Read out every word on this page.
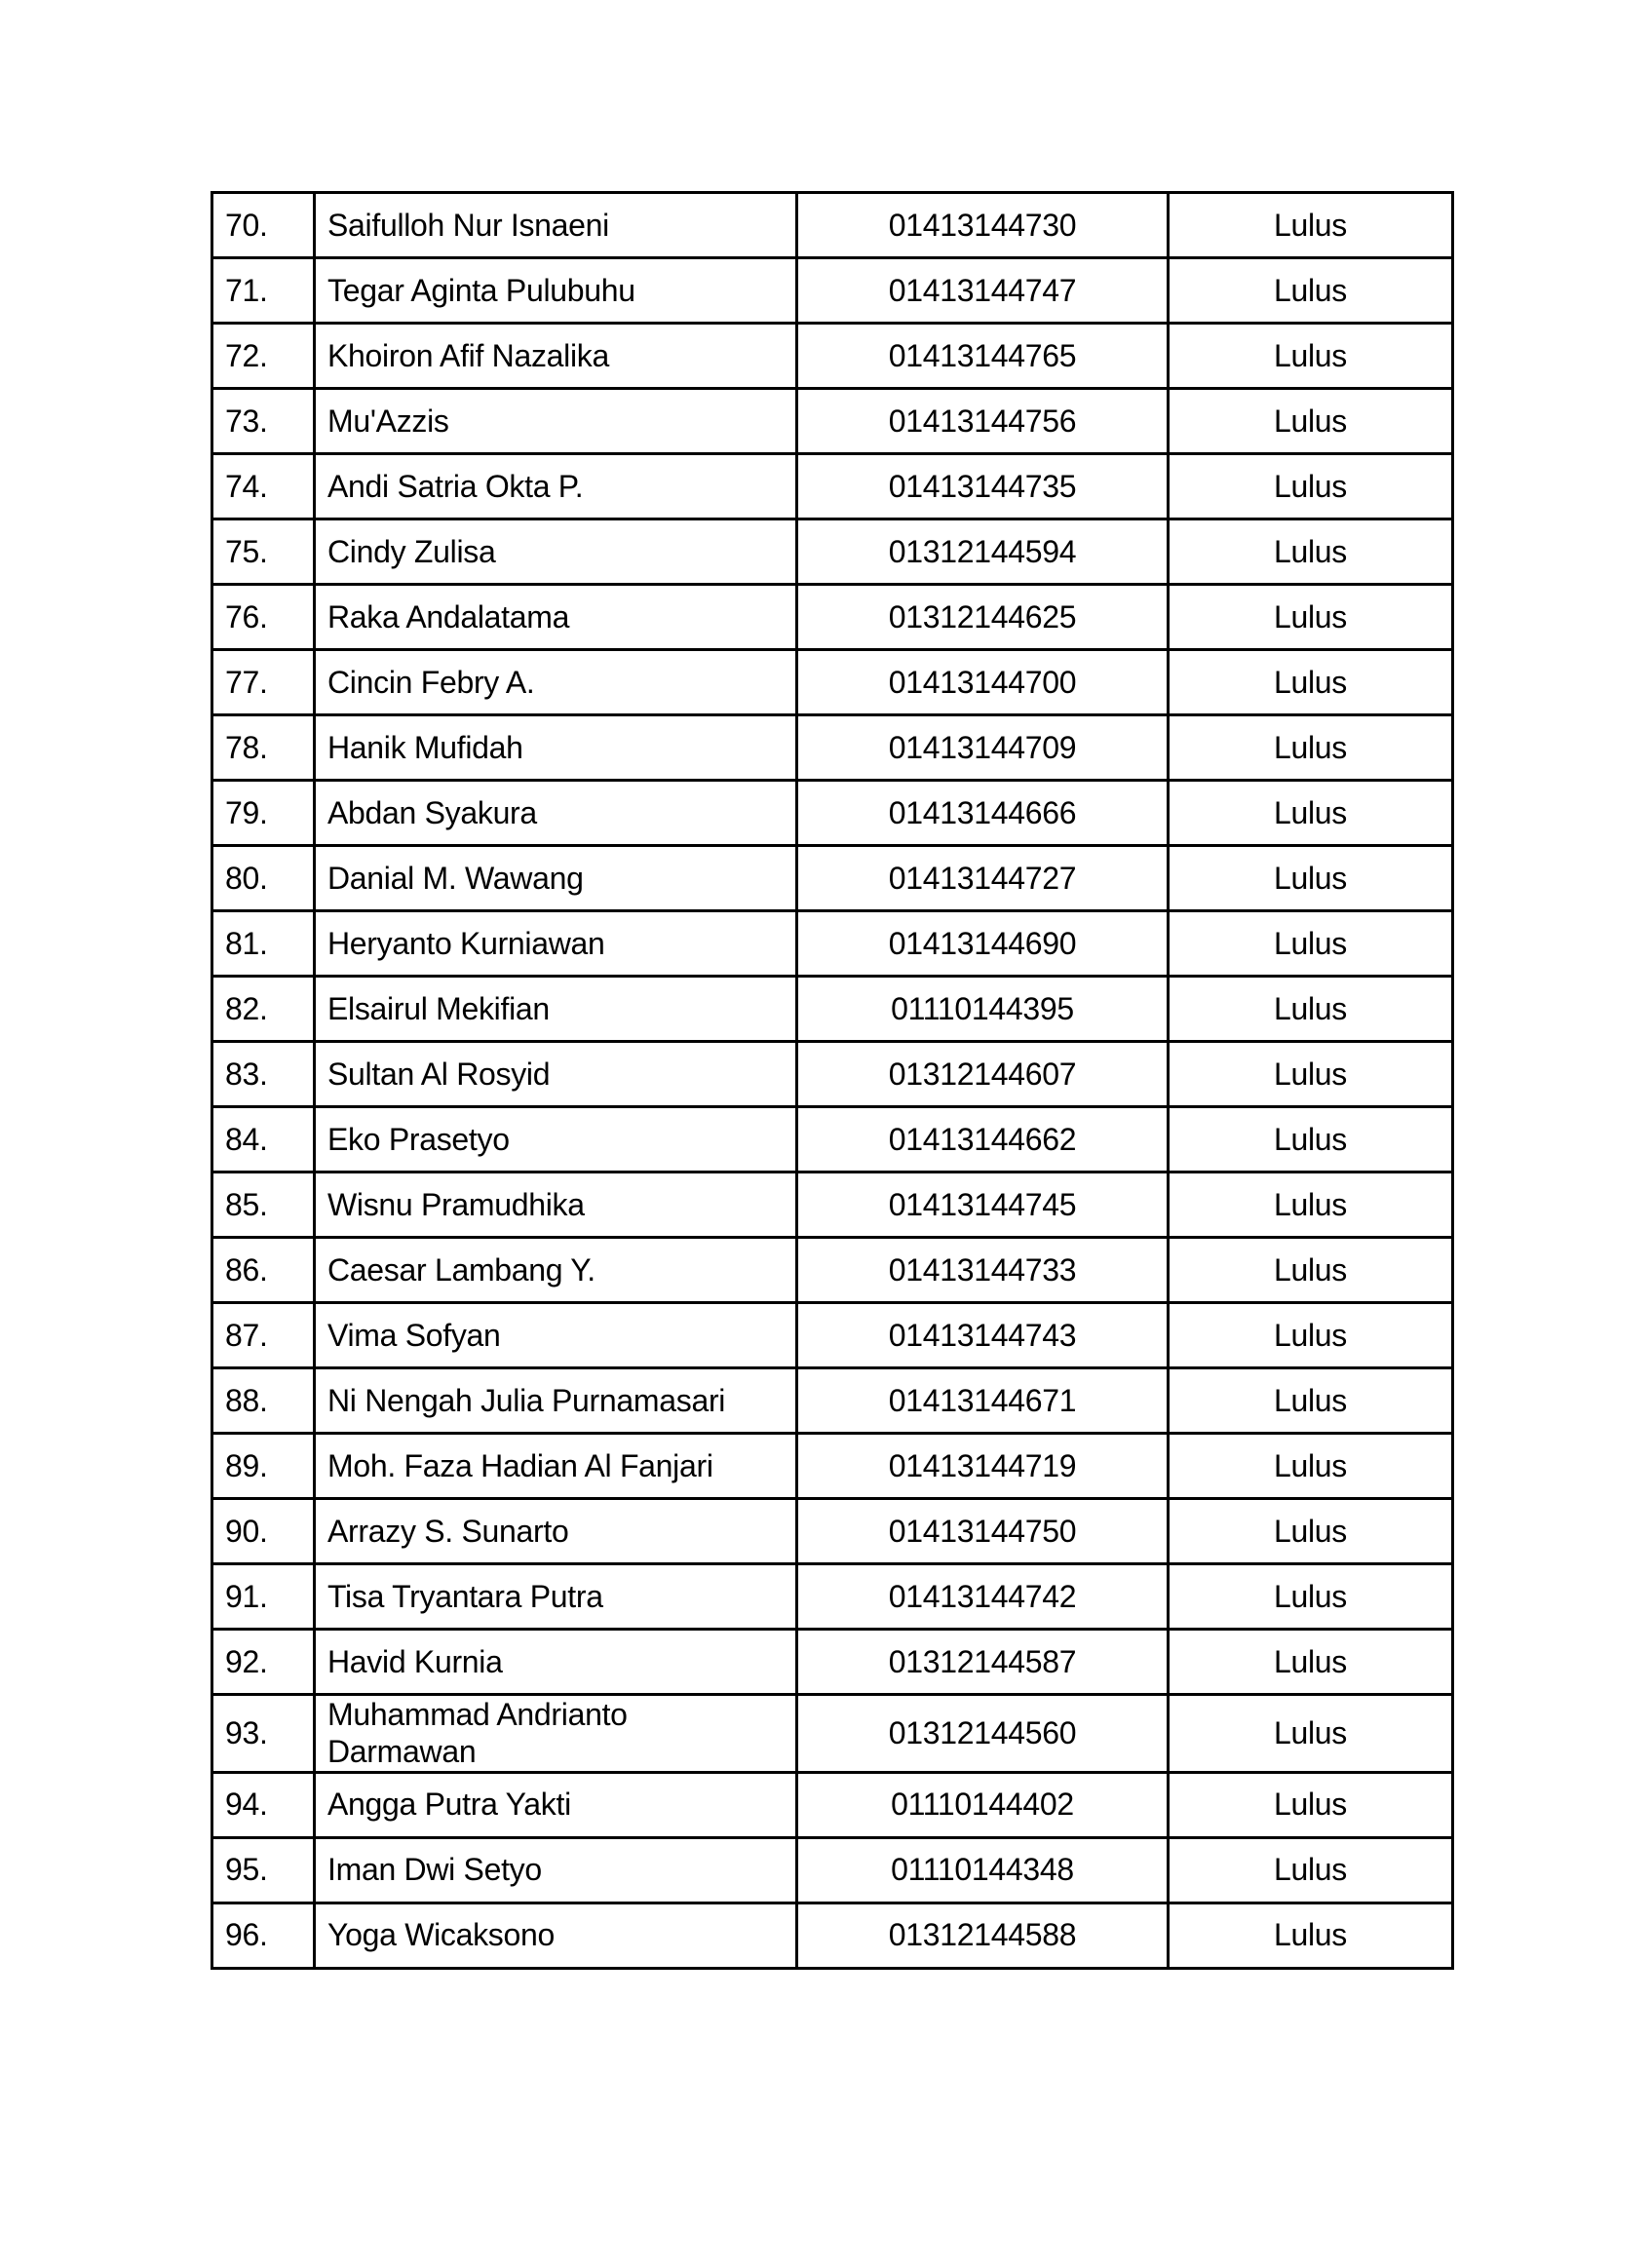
70.	Saifulloh Nur Isnaeni	01413144730	Lulus
71.	Tegar Aginta Pulubuhu	01413144747	Lulus
72.	Khoiron Afif Nazalika	01413144765	Lulus
73.	Mu'Azzis	01413144756	Lulus
74.	Andi Satria Okta P.	01413144735	Lulus
75.	Cindy Zulisa	01312144594	Lulus
76.	Raka Andalatama	01312144625	Lulus
77.	Cincin Febry A.	01413144700	Lulus
78.	Hanik Mufidah	01413144709	Lulus
79.	Abdan Syakura	01413144666	Lulus
80.	Danial M. Wawang	01413144727	Lulus
81.	Heryanto Kurniawan	01413144690	Lulus
82.	Elsairul Mekifian	01110144395	Lulus
83.	Sultan Al Rosyid	01312144607	Lulus
84.	Eko Prasetyo	01413144662	Lulus
85.	Wisnu Pramudhika	01413144745	Lulus
86.	Caesar Lambang Y.	01413144733	Lulus
87.	Vima Sofyan	01413144743	Lulus
88.	Ni Nengah Julia Purnamasari	01413144671	Lulus
89.	Moh. Faza Hadian Al Fanjari	01413144719	Lulus
90.	Arrazy S. Sunarto	01413144750	Lulus
91.	Tisa Tryantara Putra	01413144742	Lulus
92.	Havid Kurnia	01312144587	Lulus
93.	Muhammad Andrianto
Darmawan	01312144560	Lulus
94.	Angga Putra Yakti	01110144402	Lulus
95.	Iman Dwi Setyo	01110144348	Lulus
96.	Yoga Wicaksono	01312144588	Lulus
